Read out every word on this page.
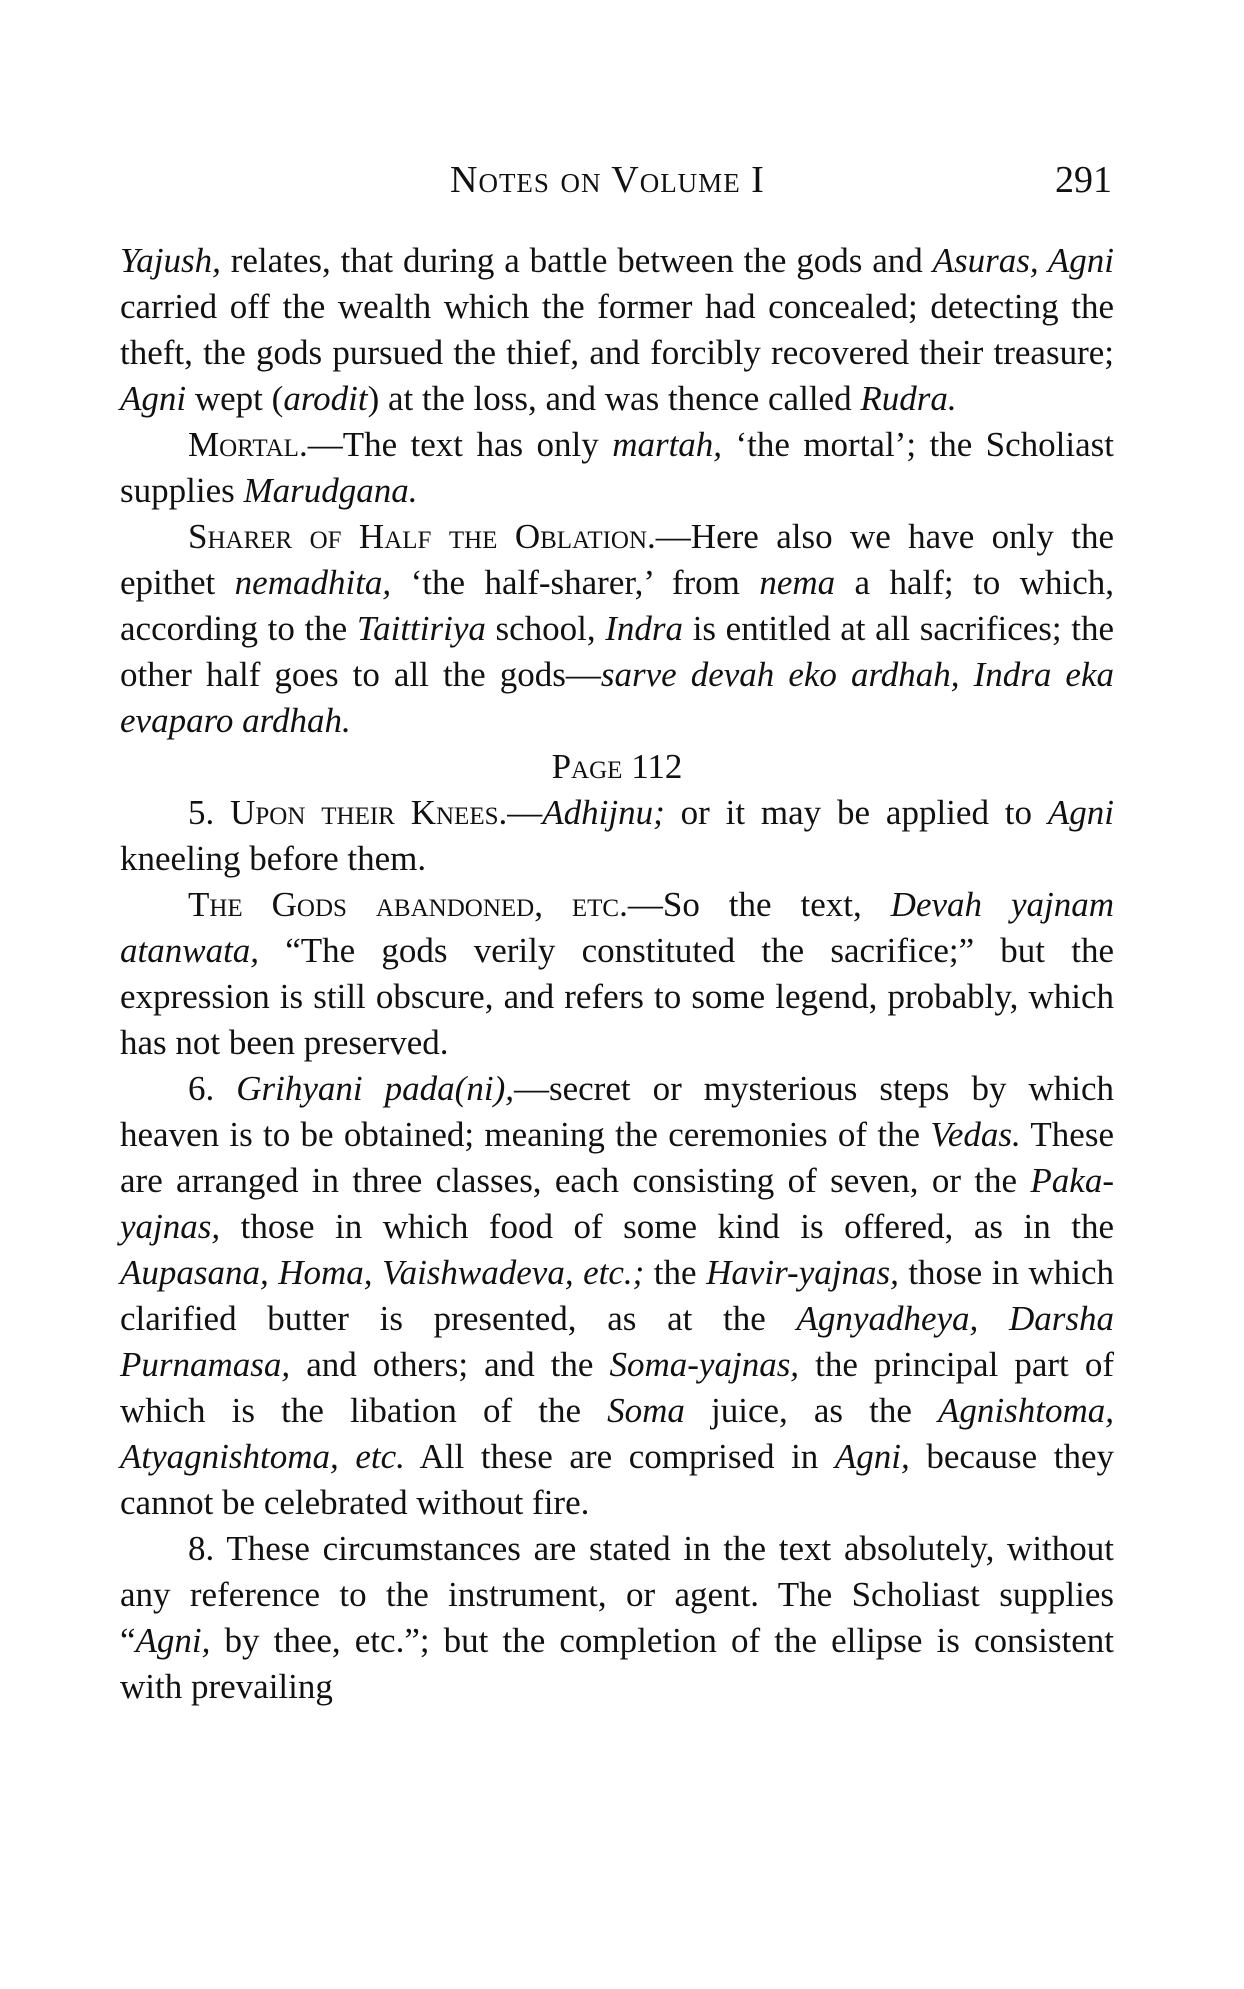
Notes on Volume I	291

Yajush, relates, that during a battle between the gods and Asuras, Agni carried off the wealth which the former had concealed; detecting the theft, the gods pursued the thief, and forcibly recovered their treasure; Agni wept (arodit) at the loss, and was thence called Rudra.

Mortal.—The text has only martah, ‘the mortal’; the Scholiast supplies Marudgana.

Sharer of Half the Oblation.—Here also we have only the epithet nemadhita, ‘the half-sharer,’ from nema a half; to which, according to the Taittiriya school, Indra is entitled at all sacrifices; the other half goes to all the gods—sarve devah eko ardhah, Indra eka evaparo ardhah.

Page 112

5. Upon their Knees.—Adhijnu; or it may be applied to Agni kneeling before them.

The Gods abandoned, etc.—So the text, Devah yajnam atanwata, “The gods verily constituted the sacrifice;” but the expression is still obscure, and refers to some legend, probably, which has not been preserved.

6. Grihyani pada(ni),—secret or mysterious steps by which heaven is to be obtained; meaning the ceremonies of the Vedas. These are arranged in three classes, each consisting of seven, or the Paka-yajnas, those in which food of some kind is offered, as in the Aupasana, Homa, Vaishwadeva, etc.; the Havir-yajnas, those in which clarified butter is presented, as at the Agnyadheya, Darsha Purnamasa, and others; and the Soma-yajnas, the principal part of which is the libation of the Soma juice, as the Agnishtoma, Atyagnishtoma, etc. All these are comprised in Agni, because they cannot be celebrated without fire.

8. These circumstances are stated in the text absolutely, without any reference to the instrument, or agent. The Scholiast supplies “Agni, by thee, etc.”; but the completion of the ellipse is consistent with prevailing
